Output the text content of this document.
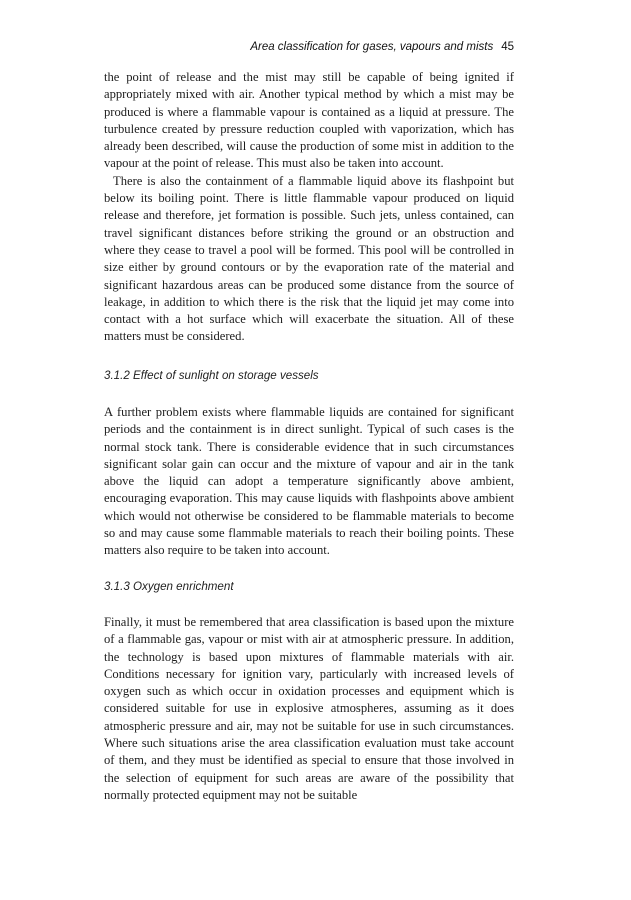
Area classification for gases, vapours and mists 45

the point of release and the mist may still be capable of being ignited if appropriately mixed with air. Another typical method by which a mist may be produced is where a flammable vapour is contained as a liquid at pressure. The turbulence created by pressure reduction coupled with vaporization, which has already been described, will cause the production of some mist in addition to the vapour at the point of release. This must also be taken into account.

There is also the containment of a flammable liquid above its flashpoint but below its boiling point. There is little flammable vapour produced on liquid release and therefore, jet formation is possible. Such jets, unless contained, can travel significant distances before striking the ground or an obstruction and where they cease to travel a pool will be formed. This pool will be controlled in size either by ground contours or by the evaporation rate of the material and significant hazardous areas can be produced some distance from the source of leakage, in addition to which there is the risk that the liquid jet may come into contact with a hot surface which will exacerbate the situation. All of these matters must be considered.

3.1.2 Effect of sunlight on storage vessels

A further problem exists where flammable liquids are contained for significant periods and the containment is in direct sunlight. Typical of such cases is the normal stock tank. There is considerable evidence that in such circumstances significant solar gain can occur and the mixture of vapour and air in the tank above the liquid can adopt a temperature significantly above ambient, encouraging evaporation. This may cause liquids with flashpoints above ambient which would not otherwise be considered to be flammable materials to become so and may cause some flammable materials to reach their boiling points. These matters also require to be taken into account.

3.1.3 Oxygen enrichment

Finally, it must be remembered that area classification is based upon the mixture of a flammable gas, vapour or mist with air at atmospheric pressure. In addition, the technology is based upon mixtures of flammable materials with air. Conditions necessary for ignition vary, particularly with increased levels of oxygen such as which occur in oxidation processes and equipment which is considered suitable for use in explosive atmospheres, assuming as it does atmospheric pressure and air, may not be suitable for use in such circumstances. Where such situations arise the area classification evaluation must take account of them, and they must be identified as special to ensure that those involved in the selection of equipment for such areas are aware of the possibility that normally protected equipment may not be suitable
